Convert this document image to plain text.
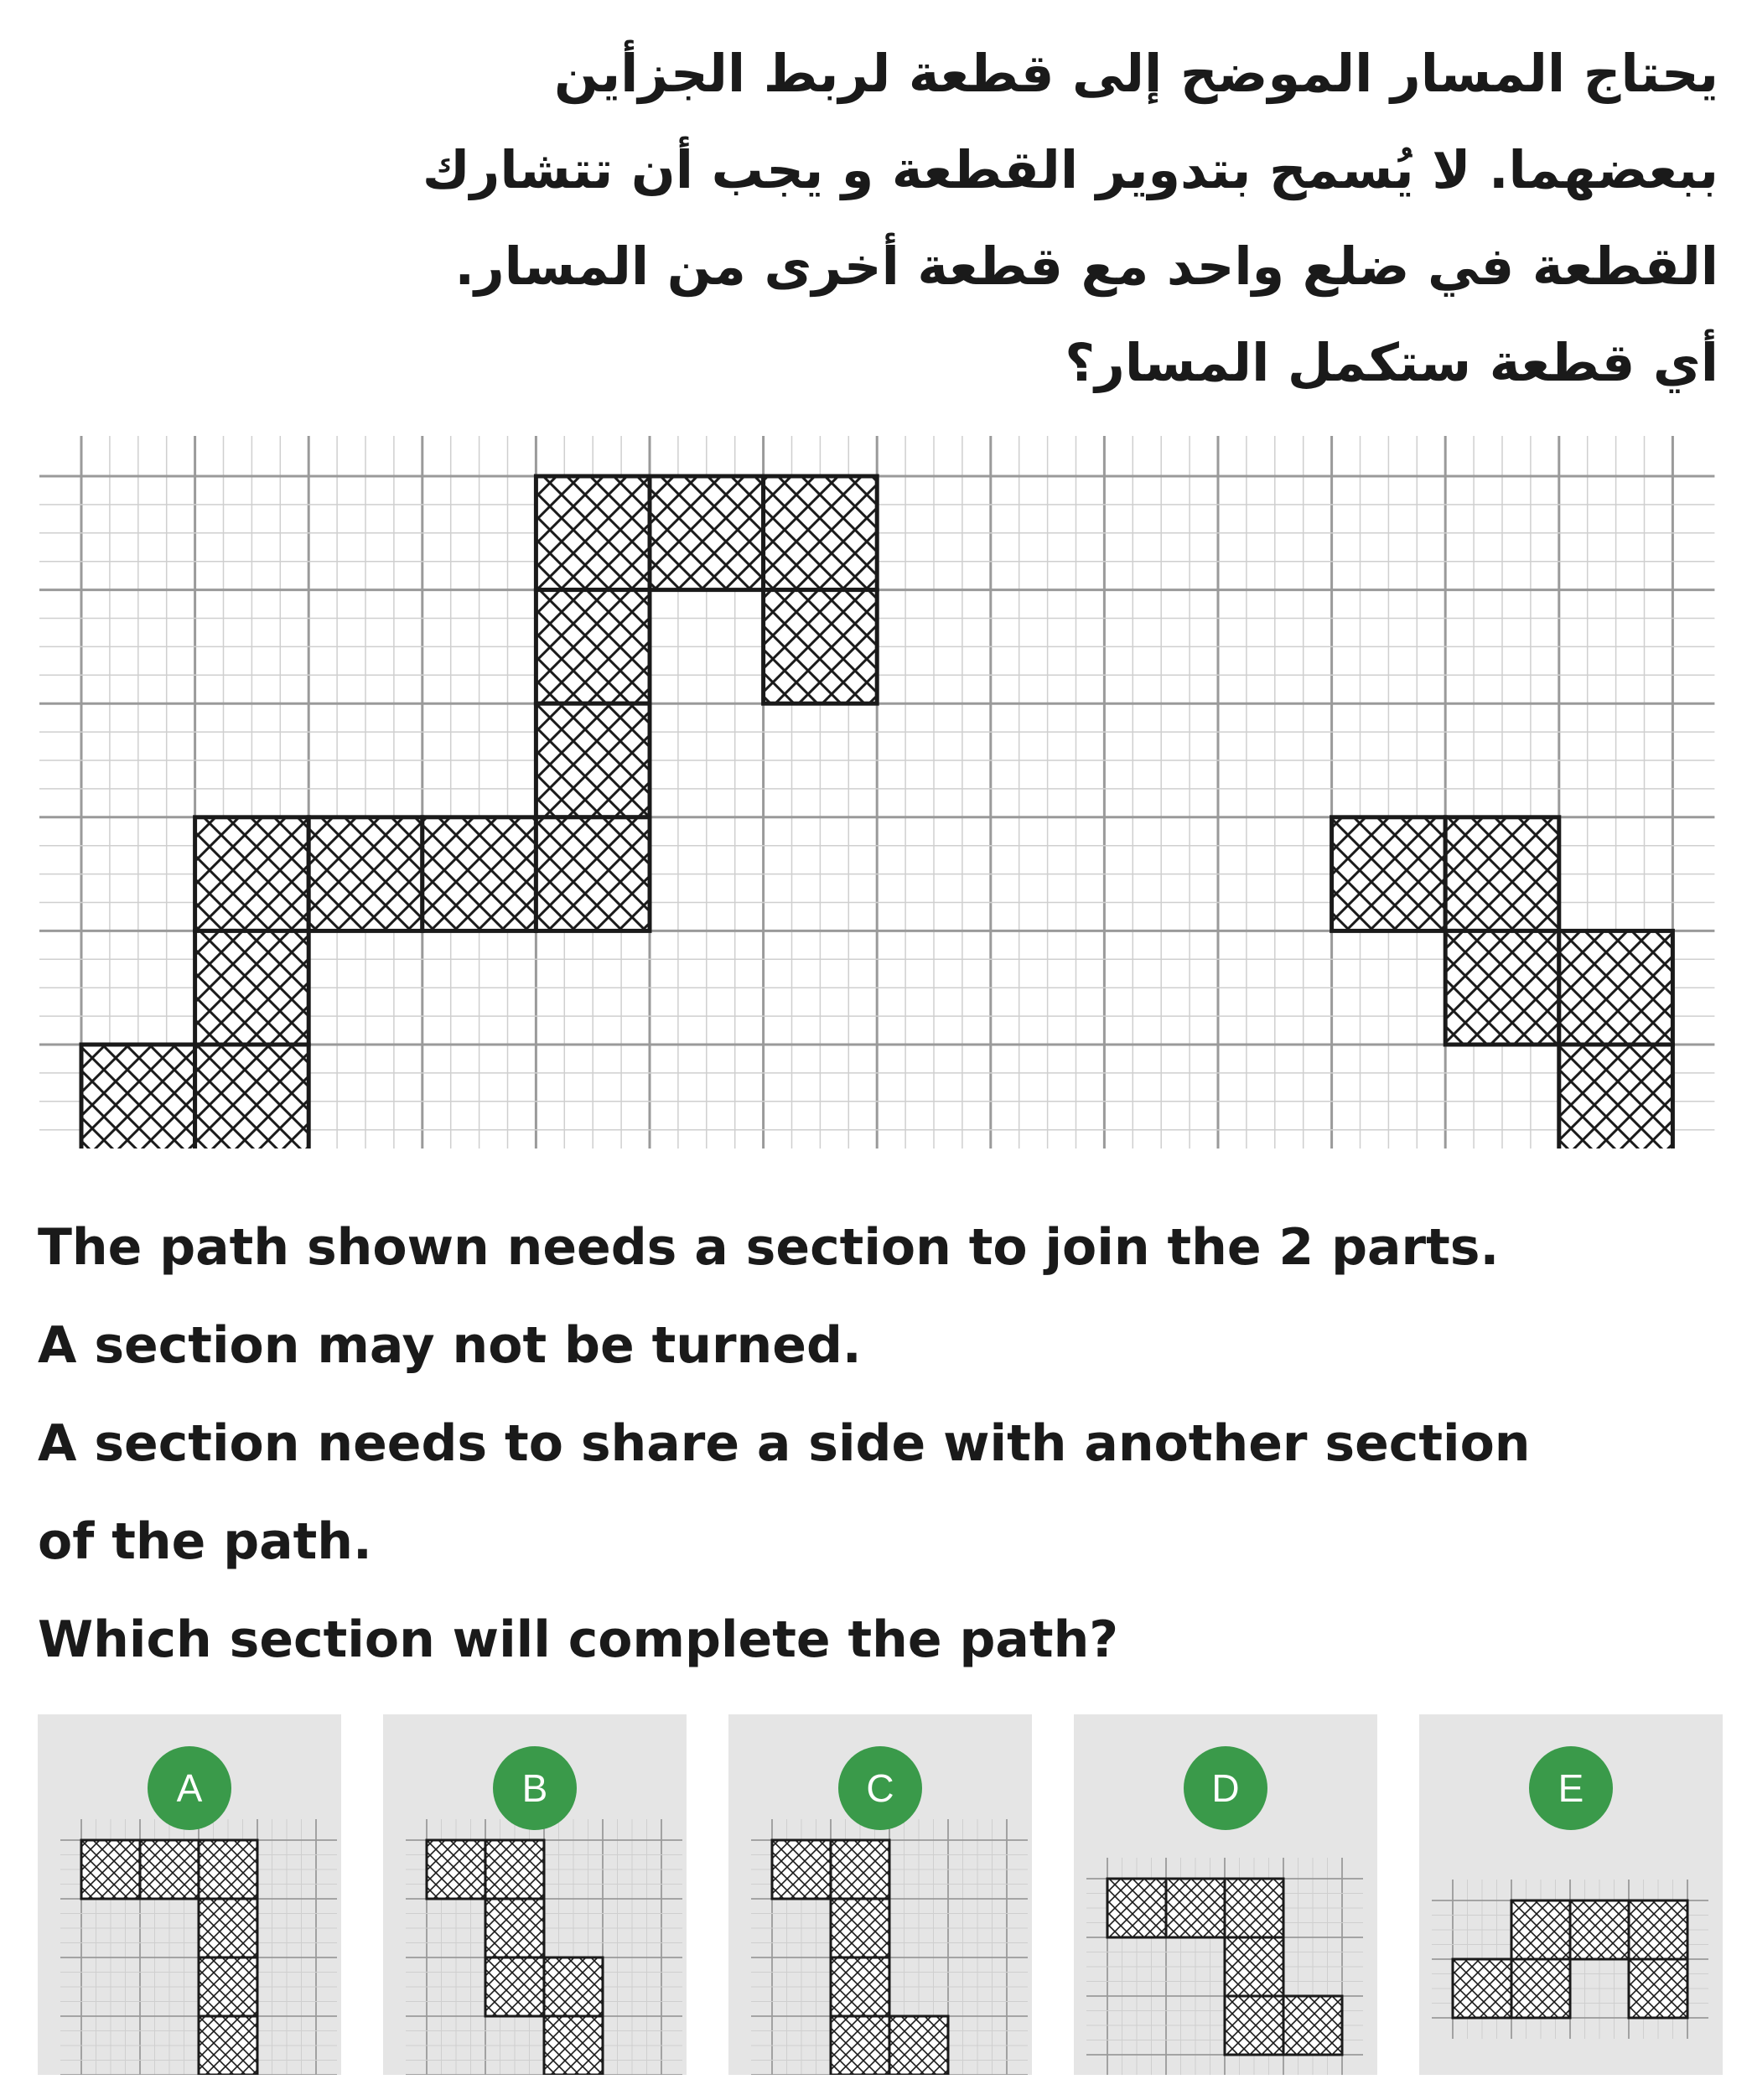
يحتاج المسار الموضح إلى قطعة لربط الجزأين
ببعضهما. لا يُسمح بتدوير القطعة و يجب أن تتشارك
القطعة في ضلع واحد مع قطعة أخرى من المسار.
أي قطعة ستكمل المسار؟
The path shown needs a section to join the 2 parts.
A section may not be turned.
A section needs to share a side with another section
of the path.
Which section will complete the path?
A	B	C	D	E
